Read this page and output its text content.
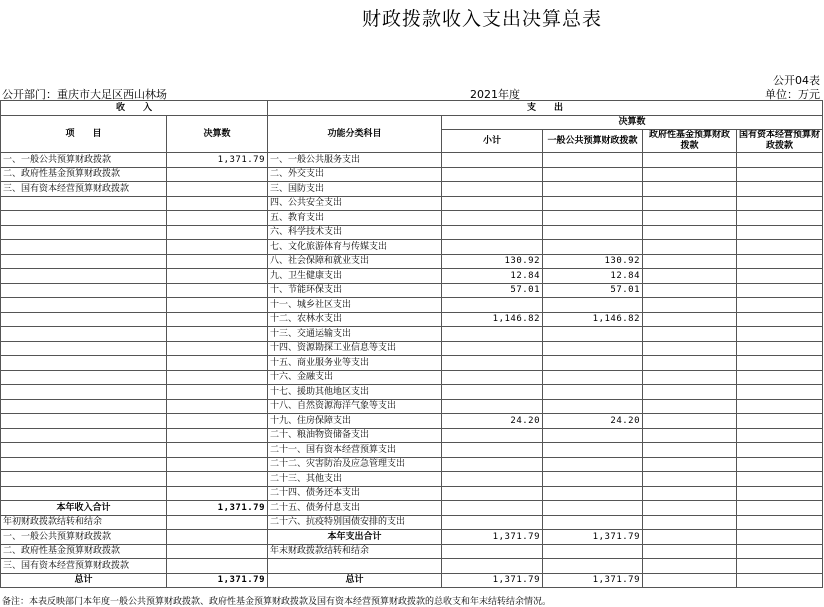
财政拨款收入支出决算总表
公开04表
公开部门：重庆市大足区西山林场	2021年度	单位：万元
收　　入		支　　出				
项　　目	决算数	功能分类科目	决算数			
			小计	一般公共预算财政拨款	政府性基金预算财政拨款	国有资本经营预算财政拨款

一、一般公共预算财政拨款	1,371.79	一、一般公共服务支出				
二、政府性基金预算财政拨款		二、外交支出				
三、国有资本经营预算财政拨款		三、国防支出				
		四、公共安全支出				
		五、教育支出				
		六、科学技术支出				
		七、文化旅游体育与传媒支出				
		八、社会保障和就业支出	130.92	130.92		
		九、卫生健康支出	12.84	12.84		
		十、节能环保支出	57.01	57.01		
		十一、城乡社区支出				
		十二、农林水支出	1,146.82	1,146.82		
		十三、交通运输支出				
		十四、资源勘探工业信息等支出				
		十五、商业服务业等支出				
		十六、金融支出				
		十七、援助其他地区支出				
		十八、自然资源海洋气象等支出				
		十九、住房保障支出	24.20	24.20		
		二十、粮油物资储备支出				
		二十一、国有资本经营预算支出				
		二十二、灾害防治及应急管理支出				
		二十三、其他支出				
		二十四、债务还本支出				
本年收入合计	1,371.79	二十五、债务付息支出				
年初财政拨款结转和结余		二十六、抗疫特别国债安排的支出				
一、一般公共预算财政拨款		本年支出合计	1,371.79	1,371.79		
二、政府性基金预算财政拨款		年末财政拨款结转和结余				
三、国有资本经营预算财政拨款						
总计	1,371.79	总计	1,371.79	1,371.79		
备注：本表反映部门本年度一般公共预算财政拨款、政府性基金预算财政拨款及国有资本经营预算财政拨款的总收支和年末结转结余情况。
